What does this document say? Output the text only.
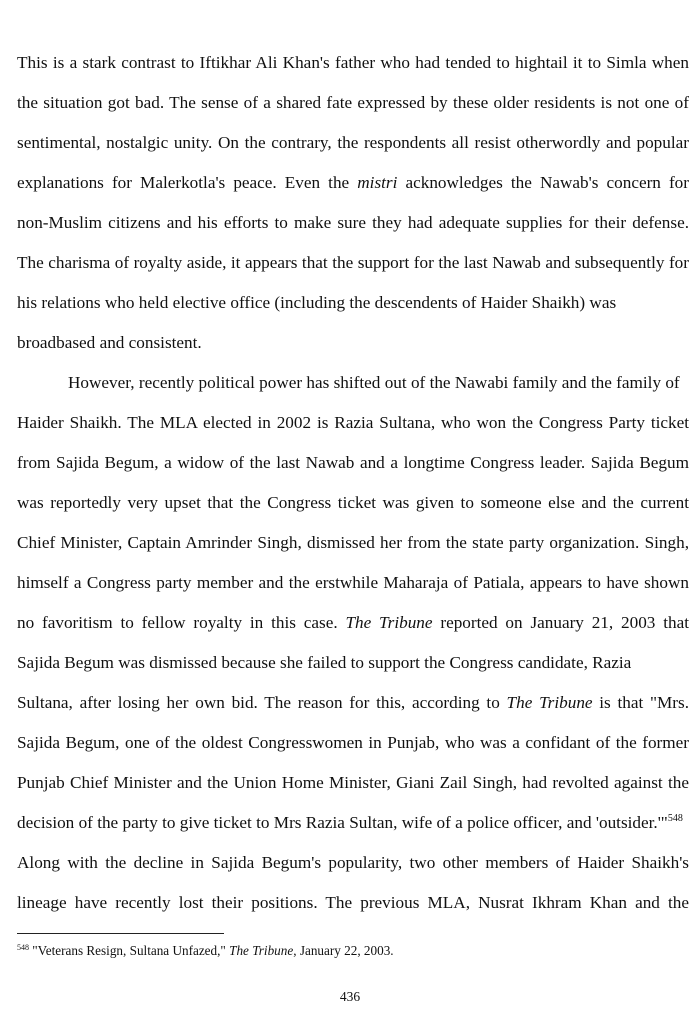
This is a stark contrast to Iftikhar Ali Khan's father who had tended to hightail it to Simla when
the situation got bad. The sense of a shared fate expressed by these older residents is not one of
sentimental, nostalgic unity. On the contrary, the respondents all resist otherwordly and popular
explanations for Malerkotla's peace. Even the mistri acknowledges the Nawab's concern for
non-Muslim citizens and his efforts to make sure they had adequate supplies for their defense.
The charisma of royalty aside, it appears that the support for the last Nawab and subsequently for
his relations who held elective office (including the descendents of Haider Shaikh) was
broadbased and consistent.
However, recently political power has shifted out of the Nawabi family and the family of
Haider Shaikh. The MLA elected in 2002 is Razia Sultana, who won the Congress Party ticket
from Sajida Begum, a widow of the last Nawab and a longtime Congress leader. Sajida Begum
was reportedly very upset that the Congress ticket was given to someone else and the current
Chief Minister, Captain Amrinder Singh, dismissed her from the state party organization. Singh,
himself a Congress party member and the erstwhile Maharaja of Patiala, appears to have shown
no favoritism to fellow royalty in this case. The Tribune reported on January 21, 2003 that
Sajida Begum was dismissed because she failed to support the Congress candidate, Razia
Sultana, after losing her own bid. The reason for this, according to The Tribune is that "Mrs.
Sajida Begum, one of the oldest Congresswomen in Punjab, who was a confidant of the former
Punjab Chief Minister and the Union Home Minister, Giani Zail Singh, had revolted against the
decision of the party to give ticket to Mrs Razia Sultan, wife of a police officer, and 'outsider.'"$^{548}$
Along with the decline in Sajida Begum's popularity, two other members of Haider Shaikh's
lineage have recently lost their positions. The previous MLA, Nusrat Ikhram Khan and the
$^{548}$ "Veterans Resign, Sultana Unfazed," The Tribune, January 22, 2003.
436
